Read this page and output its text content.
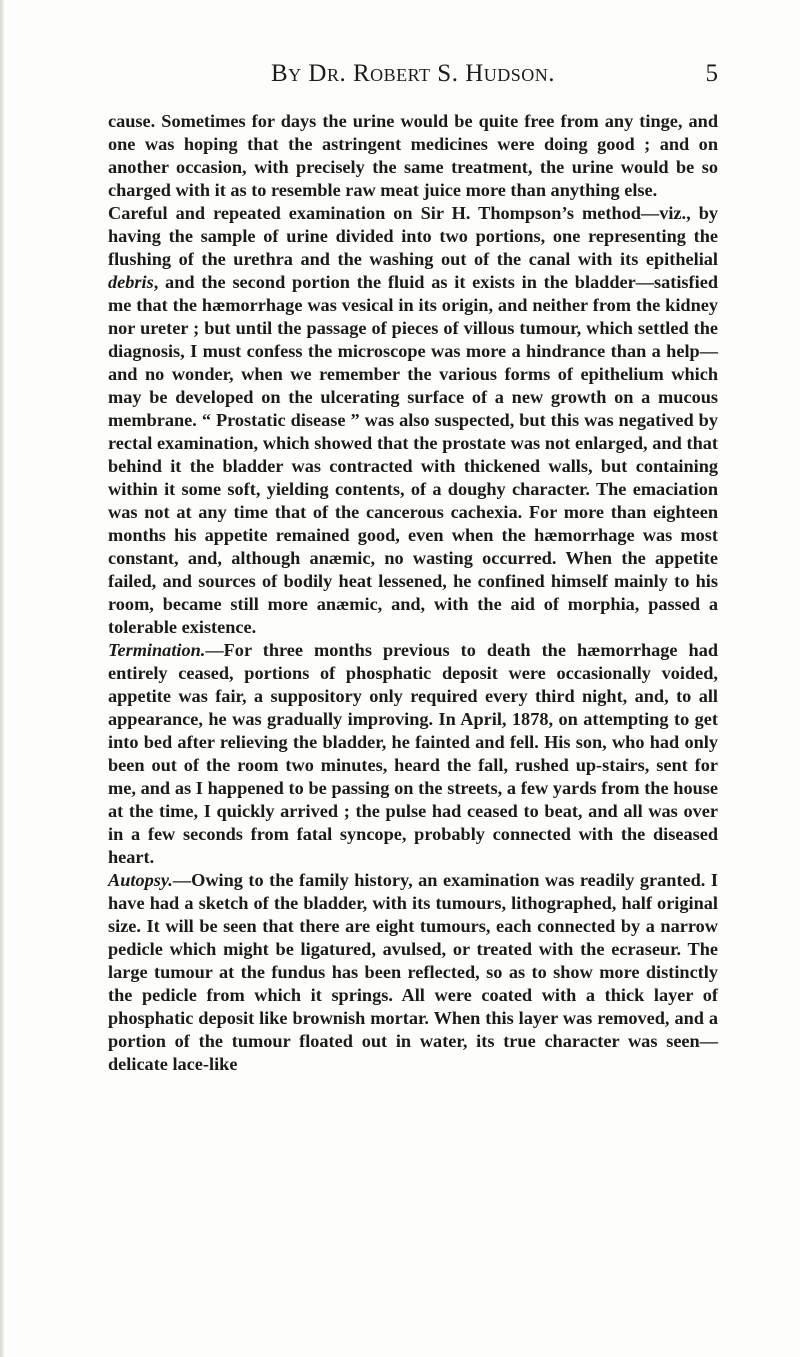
By Dr. Robert S. Hudson.	5

cause. Sometimes for days the urine would be quite free from any tinge, and one was hoping that the astringent medicines were doing good ; and on another occasion, with precisely the same treatment, the urine would be so charged with it as to resemble raw meat juice more than anything else.

Careful and repeated examination on Sir H. Thompson’s method—viz., by having the sample of urine divided into two portions, one representing the flushing of the urethra and the washing out of the canal with its epithelial debris, and the second portion the fluid as it exists in the bladder—satisfied me that the hæmorrhage was vesical in its origin, and neither from the kidney nor ureter ; but until the passage of pieces of villous tumour, which settled the diagnosis, I must confess the microscope was more a hindrance than a help—and no wonder, when we remember the various forms of epithelium which may be developed on the ulcerating surface of a new growth on a mucous membrane. “ Prostatic disease ” was also suspected, but this was negatived by rectal examination, which showed that the prostate was not enlarged, and that behind it the bladder was contracted with thickened walls, but containing within it some soft, yielding contents, of a doughy character. The emaciation was not at any time that of the cancerous cachexia. For more than eighteen months his appetite remained good, even when the hæmorrhage was most constant, and, although anæmic, no wasting occurred. When the appetite failed, and sources of bodily heat lessened, he confined himself mainly to his room, became still more anæmic, and, with the aid of morphia, passed a tolerable existence.

Termination.—For three months previous to death the hæmorrhage had entirely ceased, portions of phosphatic deposit were occasionally voided, appetite was fair, a suppository only required every third night, and, to all appearance, he was gradually improving. In April, 1878, on attempting to get into bed after relieving the bladder, he fainted and fell. His son, who had only been out of the room two minutes, heard the fall, rushed up-stairs, sent for me, and as I happened to be passing on the streets, a few yards from the house at the time, I quickly arrived ; the pulse had ceased to beat, and all was over in a few seconds from fatal syncope, probably connected with the diseased heart.

Autopsy.—Owing to the family history, an examination was readily granted. I have had a sketch of the bladder, with its tumours, lithographed, half original size. It will be seen that there are eight tumours, each connected by a narrow pedicle which might be ligatured, avulsed, or treated with the ecraseur. The large tumour at the fundus has been reflected, so as to show more distinctly the pedicle from which it springs. All were coated with a thick layer of phosphatic deposit like brownish mortar. When this layer was removed, and a portion of the tumour floated out in water, its true character was seen—delicate lace-like
